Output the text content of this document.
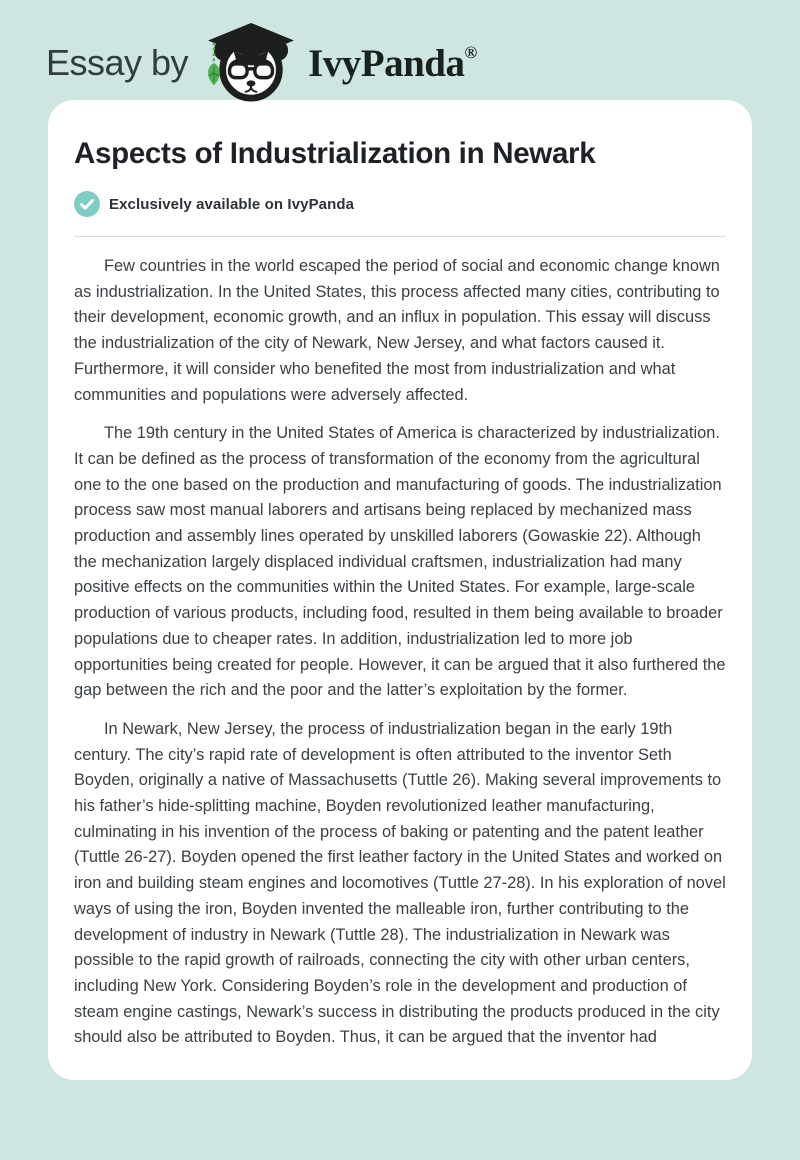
Essay by	IvyPanda®
Aspects of Industrialization in Newark
Exclusively available on IvyPanda

Few countries in the world escaped the period of social and economic change known as industrialization. In the United States, this process affected many cities, contributing to their development, economic growth, and an influx in population. This essay will discuss the industrialization of the city of Newark, New Jersey, and what factors caused it. Furthermore, it will consider who benefited the most from industrialization and what communities and populations were adversely affected.

The 19th century in the United States of America is characterized by industrialization. It can be defined as the process of transformation of the economy from the agricultural one to the one based on the production and manufacturing of goods. The industrialization process saw most manual laborers and artisans being replaced by mechanized mass production and assembly lines operated by unskilled laborers (Gowaskie 22). Although the mechanization largely displaced individual craftsmen, industrialization had many positive effects on the communities within the United States. For example, large-scale production of various products, including food, resulted in them being available to broader populations due to cheaper rates. In addition, industrialization led to more job opportunities being created for people. However, it can be argued that it also furthered the gap between the rich and the poor and the latter’s exploitation by the former.

In Newark, New Jersey, the process of industrialization began in the early 19th century. The city’s rapid rate of development is often attributed to the inventor Seth Boyden, originally a native of Massachusetts (Tuttle 26). Making several improvements to his father’s hide-splitting machine, Boyden revolutionized leather manufacturing, culminating in his invention of the process of baking or patenting and the patent leather (Tuttle 26-27). Boyden opened the first leather factory in the United States and worked on iron and building steam engines and locomotives (Tuttle 27-28). In his exploration of novel ways of using the iron, Boyden invented the malleable iron, further contributing to the development of industry in Newark (Tuttle 28). The industrialization in Newark was possible to the rapid growth of railroads, connecting the city with other urban centers, including New York. Considering Boyden’s role in the development and production of steam engine castings, Newark’s success in distributing the products produced in the city should also be attributed to Boyden. Thus, it can be argued that the inventor had
